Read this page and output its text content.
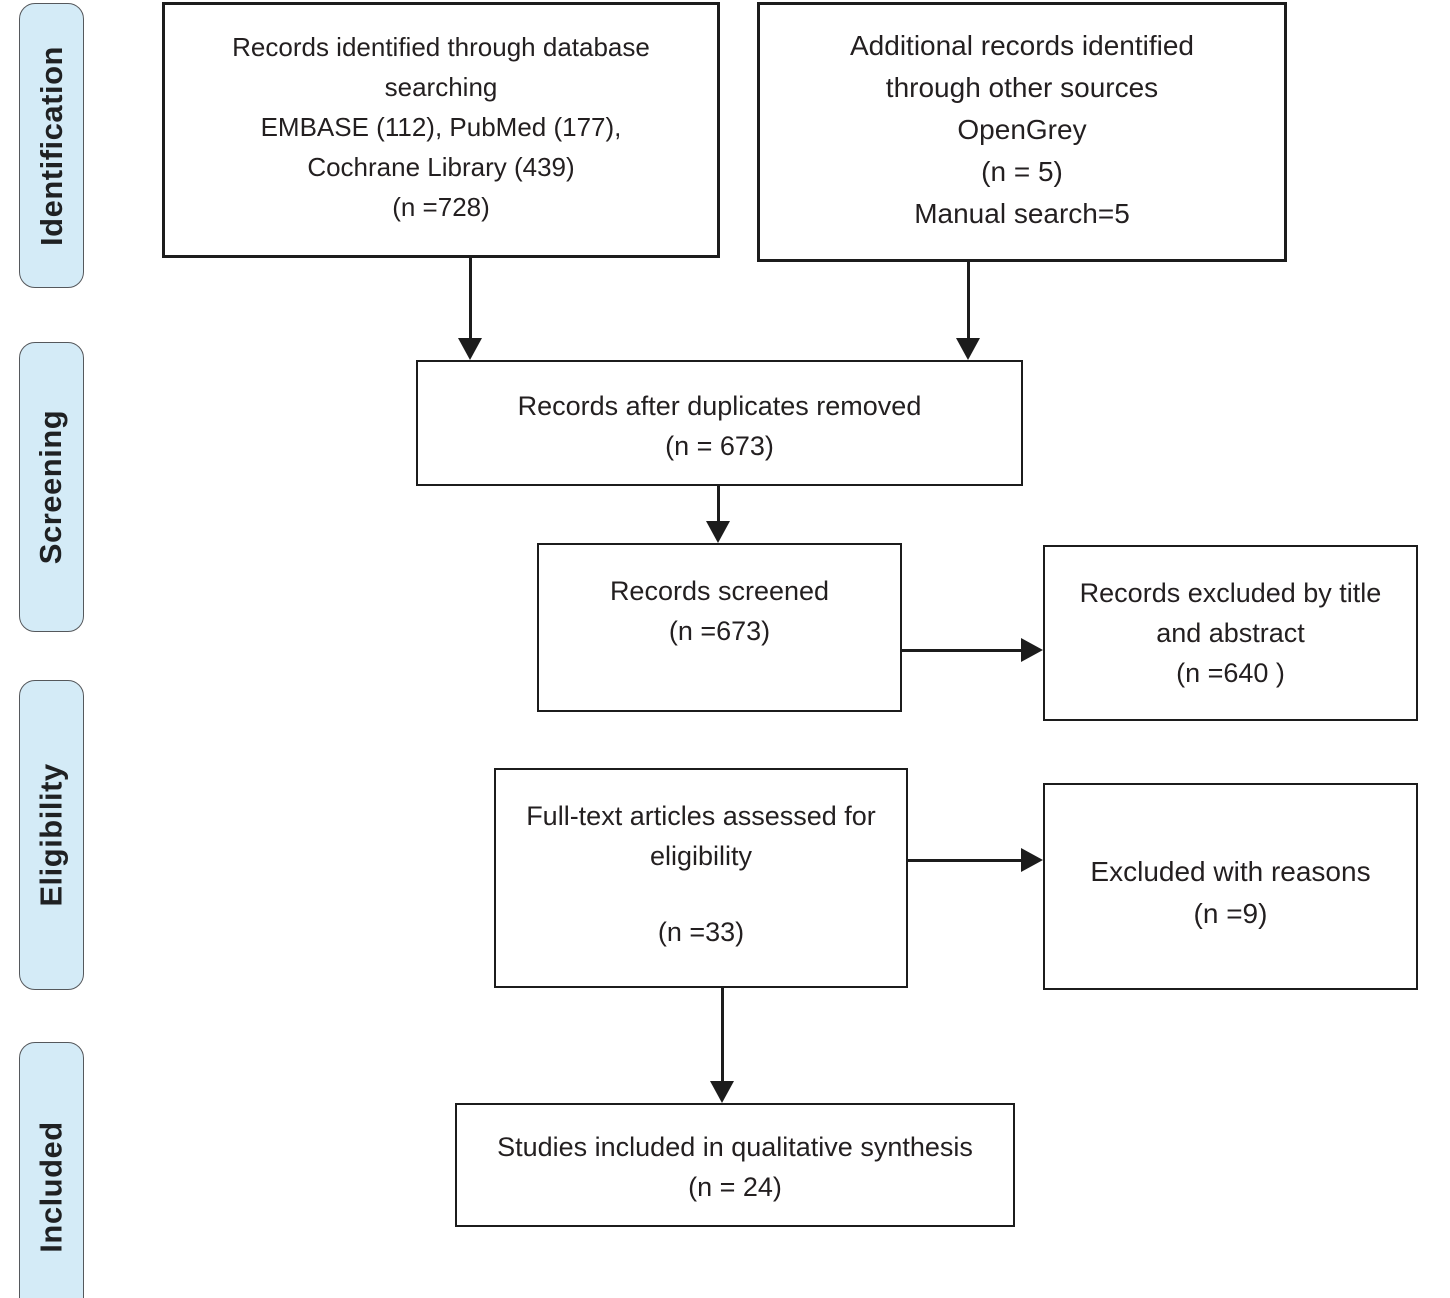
Identification
Screening
Eligibility
Included
Records identified through database
searching
EMBASE (112), PubMed (177),
Cochrane Library (439)
(n =728)
Additional records identified
through other sources
OpenGrey
(n = 5)
Manual search=5
Records after duplicates removed
(n = 673)
Records screened
(n =673)
Records excluded by title
and abstract
(n =640 )
Full-text articles assessed for
eligibility
(n =33)
Excluded with reasons
(n =9)
Studies included in qualitative synthesis
(n = 24)
